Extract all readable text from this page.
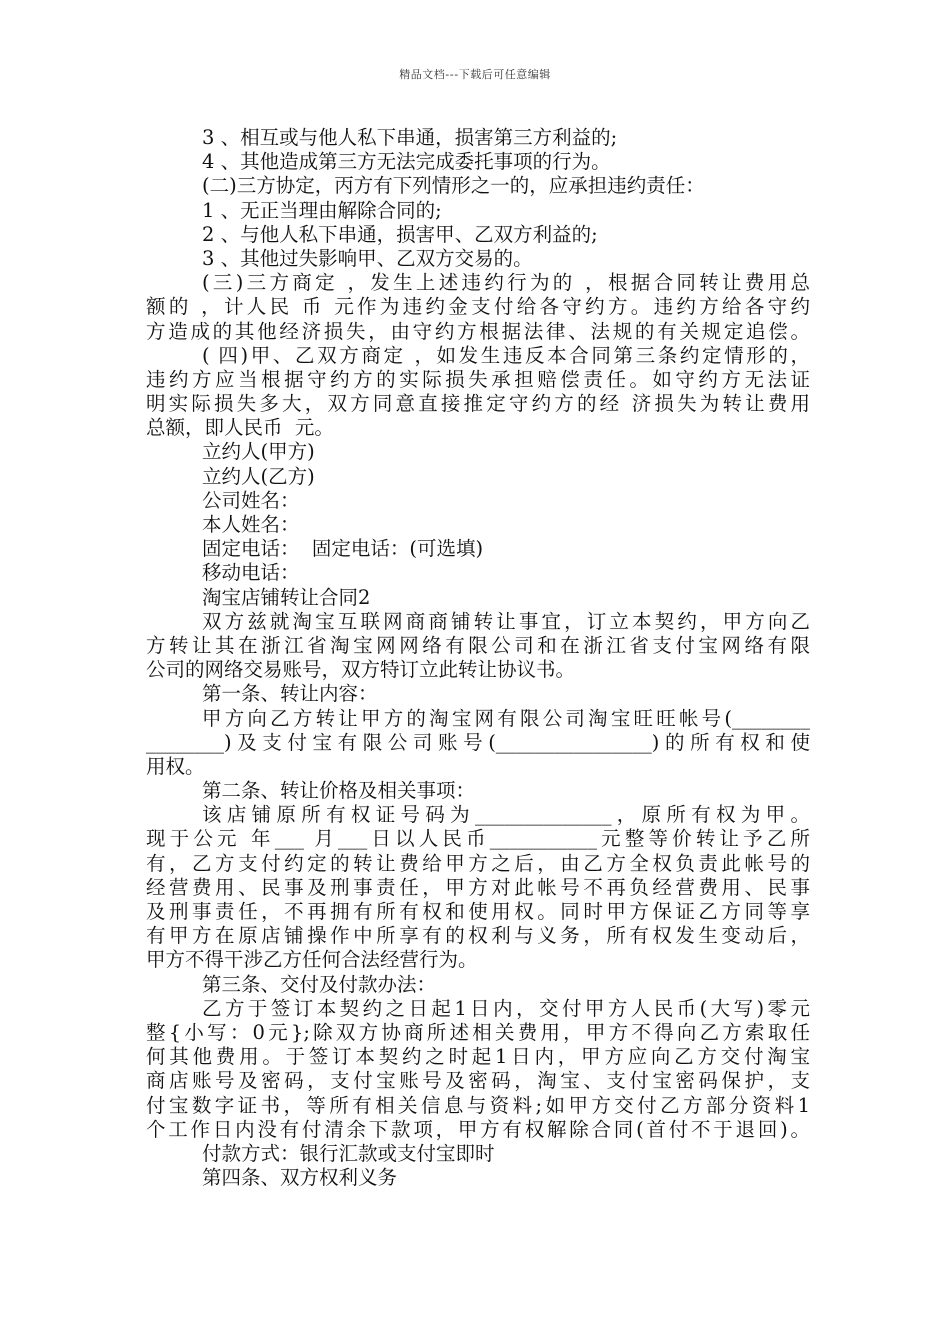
精品文档---下载后可任意编辑
3 、相互或与他人私下串通，损害第三方利益的;
4 、其他造成第三方无法完成委托事项的行为。
(二)三方协定，丙方有下列情形之一的，应承担违约责任：
1 、无正当理由解除合同的;
2 、与他人私下串通，损害甲、乙双方利益的;
3 、其他过失影响甲、乙双方交易的。
(三)三方商定 ，发生上述违约行为的 ，根据合同转让费用总
额的 ，计人民 币 元作为违约金支付给各守约方。违约方给各守约
方造成的其他经济损失，由守约方根据法律、法规的有关规定追偿。
( 四)甲、乙双方商定 ，如发生违反本合同第三条约定情形的，
违约方应当根据守约方的实际损失承担赔偿责任。如守约方无法证
明实际损失多大，双方同意直接推定守约方的经 济损失为转让费用
总额，即人民币  元。
立约人(甲方)
立约人(乙方)
公司姓名：
本人姓名：
固定电话：  固定电话：(可选填)
移动电话：
淘宝店铺转让合同2
双方兹就淘宝互联网商商铺转让事宜，订立本契约，甲方向乙
方转让其在浙江省淘宝网网络有限公司和在浙江省支付宝网络有限
公司的网络交易账号，双方特订立此转让协议书。
第一条、转让内容：
甲方向乙方转让甲方的淘宝网有限公司淘宝旺旺帐号(________
________)及支付宝有限公司账号(________________)的所有权和使
用权。
第二条、转让价格及相关事项：
该店铺原所有权证号码为______________，原所有权为甲。
现于公元 年___ 月___日以人民币___________元整等价转让予乙所
有，乙方支付约定的转让费给甲方之后，由乙方全权负责此帐号的
经营费用、民事及刑事责任，甲方对此帐号不再负经营费用、民事
及刑事责任，不再拥有所有权和使用权。同时甲方保证乙方同等享
有甲方在原店铺操作中所享有的权利与义务，所有权发生变动后，
甲方不得干涉乙方任何合法经营行为。
第三条、交付及付款办法：
乙方于签订本契约之日起1日内，交付甲方人民币(大写)零元
整{小写：0元};除双方协商所述相关费用，甲方不得向乙方索取任
何其他费用。于签订本契约之时起1日内，甲方应向乙方交付淘宝
商店账号及密码，支付宝账号及密码，淘宝、支付宝密码保护，支
付宝数字证书，等所有相关信息与资料;如甲方交付乙方部分资料1
个工作日内没有付清余下款项，甲方有权解除合同(首付不于退回)。
付款方式：银行汇款或支付宝即时
第四条、双方权利义务
